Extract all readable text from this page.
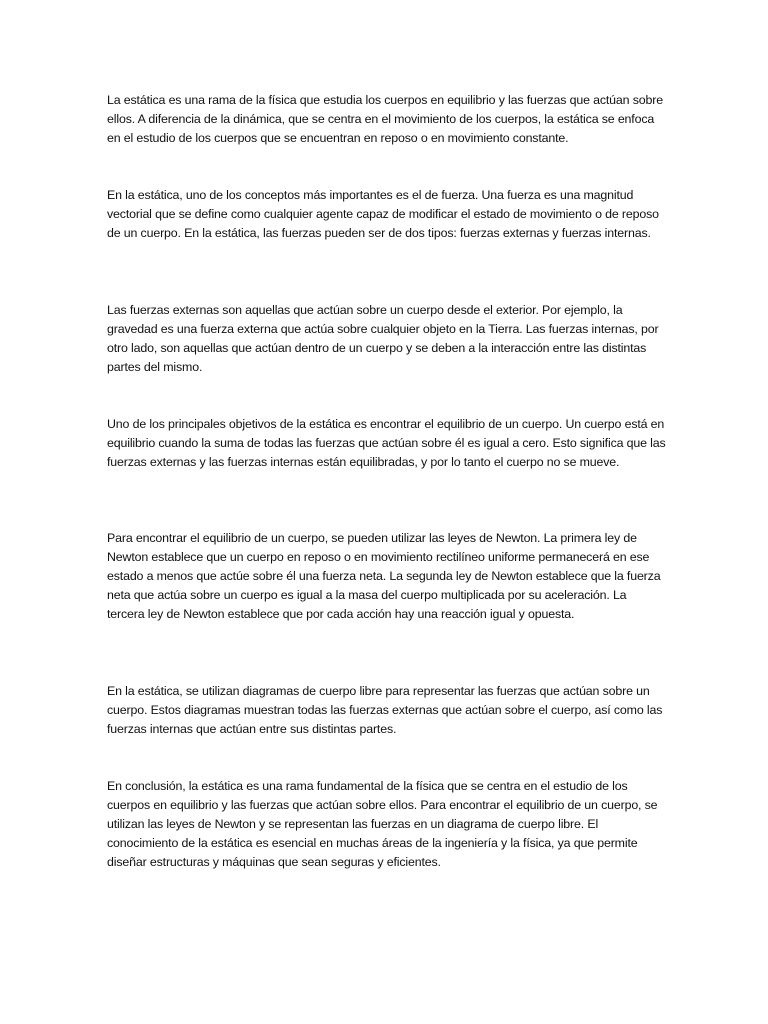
La estática es una rama de la física que estudia los cuerpos en equilibrio y las fuerzas que actúan sobre ellos. A diferencia de la dinámica, que se centra en el movimiento de los cuerpos, la estática se enfoca en el estudio de los cuerpos que se encuentran en reposo o en movimiento constante.

En la estática, uno de los conceptos más importantes es el de fuerza. Una fuerza es una magnitud vectorial que se define como cualquier agente capaz de modificar el estado de movimiento o de reposo de un cuerpo. En la estática, las fuerzas pueden ser de dos tipos: fuerzas externas y fuerzas internas.

Las fuerzas externas son aquellas que actúan sobre un cuerpo desde el exterior. Por ejemplo, la gravedad es una fuerza externa que actúa sobre cualquier objeto en la Tierra. Las fuerzas internas, por otro lado, son aquellas que actúan dentro de un cuerpo y se deben a la interacción entre las distintas partes del mismo.

Uno de los principales objetivos de la estática es encontrar el equilibrio de un cuerpo. Un cuerpo está en equilibrio cuando la suma de todas las fuerzas que actúan sobre él es igual a cero. Esto significa que las fuerzas externas y las fuerzas internas están equilibradas, y por lo tanto el cuerpo no se mueve.

Para encontrar el equilibrio de un cuerpo, se pueden utilizar las leyes de Newton. La primera ley de Newton establece que un cuerpo en reposo o en movimiento rectilíneo uniforme permanecerá en ese estado a menos que actúe sobre él una fuerza neta. La segunda ley de Newton establece que la fuerza neta que actúa sobre un cuerpo es igual a la masa del cuerpo multiplicada por su aceleración. La tercera ley de Newton establece que por cada acción hay una reacción igual y opuesta.

En la estática, se utilizan diagramas de cuerpo libre para representar las fuerzas que actúan sobre un cuerpo. Estos diagramas muestran todas las fuerzas externas que actúan sobre el cuerpo, así como las fuerzas internas que actúan entre sus distintas partes.

En conclusión, la estática es una rama fundamental de la física que se centra en el estudio de los cuerpos en equilibrio y las fuerzas que actúan sobre ellos. Para encontrar el equilibrio de un cuerpo, se utilizan las leyes de Newton y se representan las fuerzas en un diagrama de cuerpo libre. El conocimiento de la estática es esencial en muchas áreas de la ingeniería y la física, ya que permite diseñar estructuras y máquinas que sean seguras y eficientes.
